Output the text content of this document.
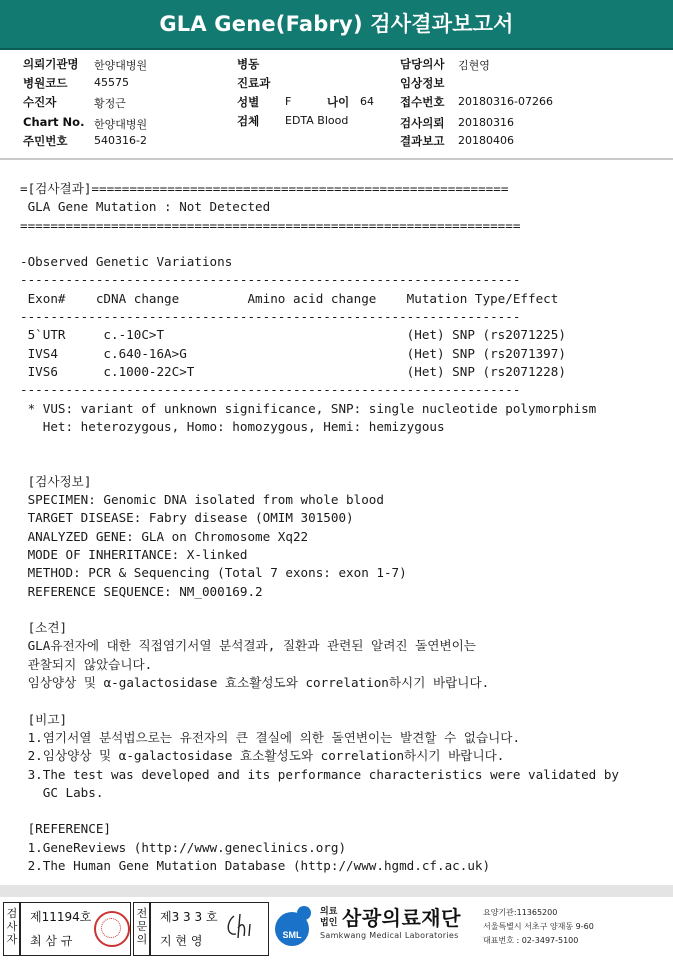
GLA Gene(Fabry) 검사결과보고서
의뢰기관명 한양대병원
병원코드 45575
수진자	황정근
Chart No. 한양대병원
주민번호 540316-2
병동
진료과
성별 F	나이 64
검체 EDTA Blood
담당의사 김현영
임상정보
접수번호 20180316-07266
검사의뢰 20180316
결과보고 20180406
=[검사결과]=======================================================
GLA Gene Mutation : Not Detected
==================================================================
-Observed Genetic Variations
------------------------------------------------------------------
Exon#    cDNA change         Amino acid change    Mutation Type/Effect
------------------------------------------------------------------
5`UTR     c.-10C>T                                (Het) SNP (rs2071225)
IVS4      c.640-16A>G                             (Het) SNP (rs2071397)
IVS6      c.1000-22C>T                            (Het) SNP (rs2071228)
------------------------------------------------------------------
* VUS: variant of unknown significance, SNP: single nucleotide polymorphism
Het: heterozygous, Homo: homozygous, Hemi: hemizygous
[검사정보]
SPECIMEN: Genomic DNA isolated from whole blood
TARGET DISEASE: Fabry disease (OMIM 301500)
ANALYZED GENE: GLA on Chromosome Xq22
MODE OF INHERITANCE: X-linked
METHOD: PCR & Sequencing (Total 7 exons: exon 1-7)
REFERENCE SEQUENCE: NM_000169.2
[소견]
GLA유전자에 대한 직접염기서열 분석결과, 질환과 관련된 알려진 돌연변이는
관찰되지 않았습니다.
임상양상 및 α-galactosidase 효소활성도와 correlation하시기 바랍니다.
[비고]
1.염기서열 분석법으로는 유전자의 큰 결실에 의한 돌연변이는 발견할 수 없습니다.
2.임상양상 및 α-galactosidase 효소활성도와 correlation하시기 바랍니다.
3.The test was developed and its performance characteristics were validated by
GC Labs.
[REFERENCE]
1.GeneReviews (http://www.geneclinics.org)
2.The Human Gene Mutation Database (http://www.hgmd.cf.ac.uk)
검
사
자
제11194호
최 삼 규
전
문
의
제3 3 3 호
지 현 영	SML
의료
법인 삼광의료재단
Samkwang Medical Laboratories
요양기관:11365200
서울특별시 서초구 양재동 9-60
대표번호 : 02-3497-5100
